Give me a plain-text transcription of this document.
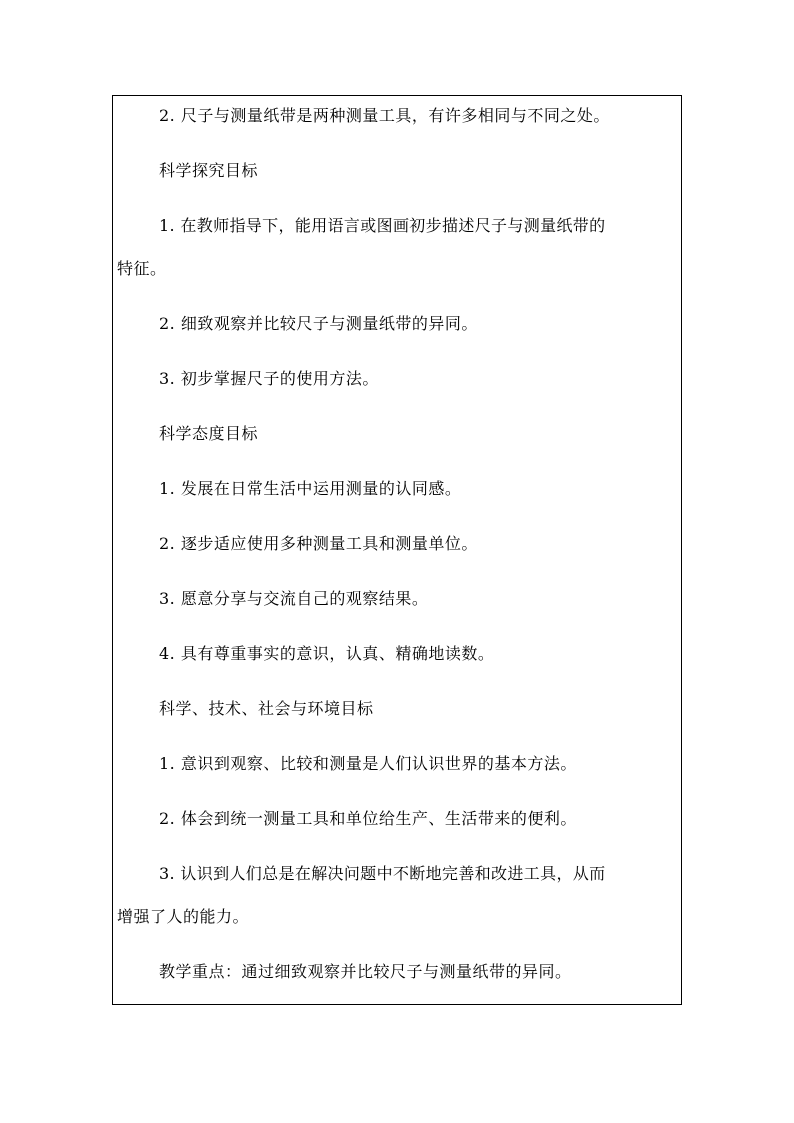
2. 尺子与测量纸带是两种测量工具，有许多相同与不同之处。
科学探究目标
1. 在教师指导下，能用语言或图画初步描述尺子与测量纸带的
特征。
2. 细致观察并比较尺子与测量纸带的异同。
3. 初步掌握尺子的使用方法。
科学态度目标
1. 发展在日常生活中运用测量的认同感。
2. 逐步适应使用多种测量工具和测量单位。
3. 愿意分享与交流自己的观察结果。
4. 具有尊重事实的意识，认真、精确地读数。
科学、技术、社会与环境目标
1. 意识到观察、比较和测量是人们认识世界的基本方法。
2. 体会到统一测量工具和单位给生产、生活带来的便利。
3. 认识到人们总是在解决问题中不断地完善和改进工具，从而
增强了人的能力。
教学重点：通过细致观察并比较尺子与测量纸带的异同。
